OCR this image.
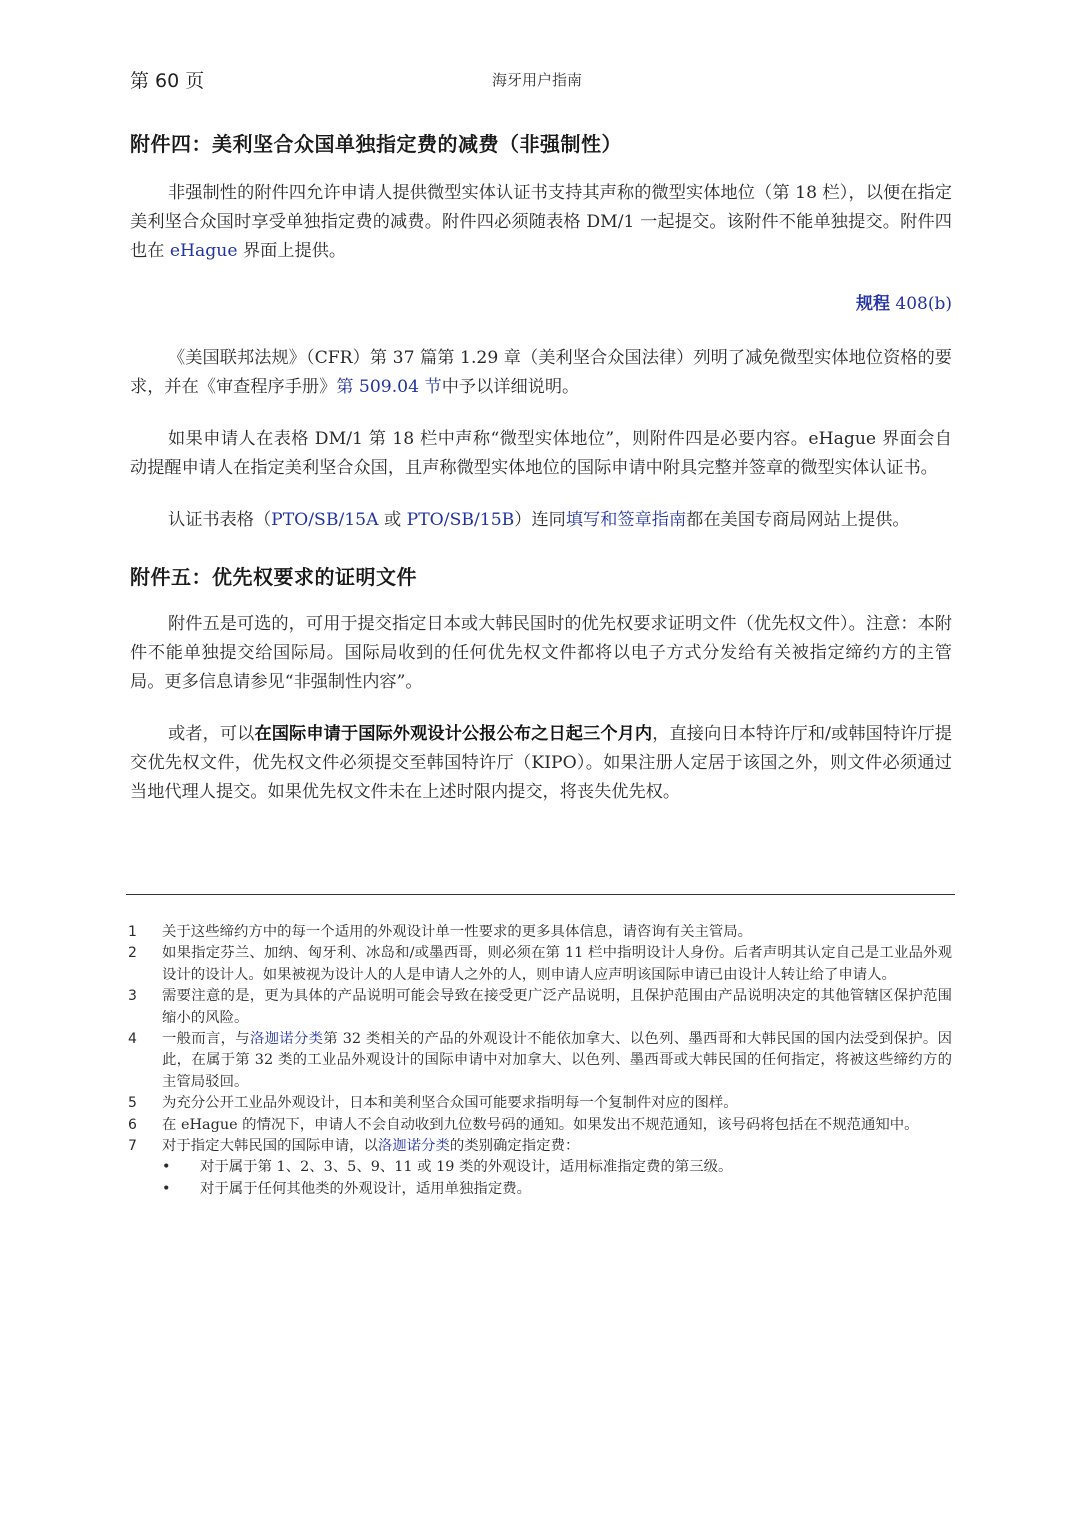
第 60 页	海牙用户指南
附件四：美利坚合众国单独指定费的减费（非强制性）

非强制性的附件四允许申请人提供微型实体认证书支持其声称的微型实体地位（第 18 栏），以便在指定美利坚合众国时享受单独指定费的减费。附件四必须随表格 DM/1 一起提交。该附件不能单独提交。附件四也在 eHague 界面上提供。

规程 408(b)

《美国联邦法规》（CFR）第 37 篇第 1.29 章（美利坚合众国法律）列明了减免微型实体地位资格的要求，并在《审查程序手册》第 509.04 节中予以详细说明。

如果申请人在表格 DM/1 第 18 栏中声称“微型实体地位”，则附件四是必要内容。eHague 界面会自动提醒申请人在指定美利坚合众国，且声称微型实体地位的国际申请中附具完整并签章的微型实体认证书。

认证书表格（PTO/SB/15A 或 PTO/SB/15B）连同填写和签章指南都在美国专商局网站上提供。

附件五：优先权要求的证明文件

附件五是可选的，可用于提交指定日本或大韩民国时的优先权要求证明文件（优先权文件）。注意：本附件不能单独提交给国际局。国际局收到的任何优先权文件都将以电子方式分发给有关被指定缔约方的主管局。更多信息请参见“非强制性内容”。

或者，可以在国际申请于国际外观设计公报公布之日起三个月内，直接向日本特许厅和/或韩国特许厅提交优先权文件，优先权文件必须提交至韩国特许厅（KIPO）。如果注册人定居于该国之外，则文件必须通过当地代理人提交。如果优先权文件未在上述时限内提交，将丧失优先权。

1	关于这些缔约方中的每一个适用的外观设计单一性要求的更多具体信息，请咨询有关主管局。
2	如果指定芬兰、加纳、匈牙利、冰岛和/或墨西哥，则必须在第 11 栏中指明设计人身份。后者声明其认定自己是工业品外观设计的设计人。如果被视为设计人的人是申请人之外的人，则申请人应声明该国际申请已由设计人转让给了申请人。
3	需要注意的是，更为具体的产品说明可能会导致在接受更广泛产品说明，且保护范围由产品说明决定的其他管辖区保护范围缩小的风险。
4	一般而言，与洛迦诺分类第 32 类相关的产品的外观设计不能依加拿大、以色列、墨西哥和大韩民国的国内法受到保护。因此，在属于第 32 类的工业品外观设计的国际申请中对加拿大、以色列、墨西哥或大韩民国的任何指定，将被这些缔约方的主管局驳回。
5	为充分公开工业品外观设计，日本和美利坚合众国可能要求指明每一个复制件对应的图样。
6	在 eHague 的情况下，申请人不会自动收到九位数号码的通知。如果发出不规范通知，该号码将包括在不规范通知中。
7	对于指定大韩民国的国际申请，以洛迦诺分类的类别确定指定费：
•	对于属于第 1、2、3、5、9、11 或 19 类的外观设计，适用标准指定费的第三级。
•	对于属于任何其他类的外观设计，适用单独指定费。
